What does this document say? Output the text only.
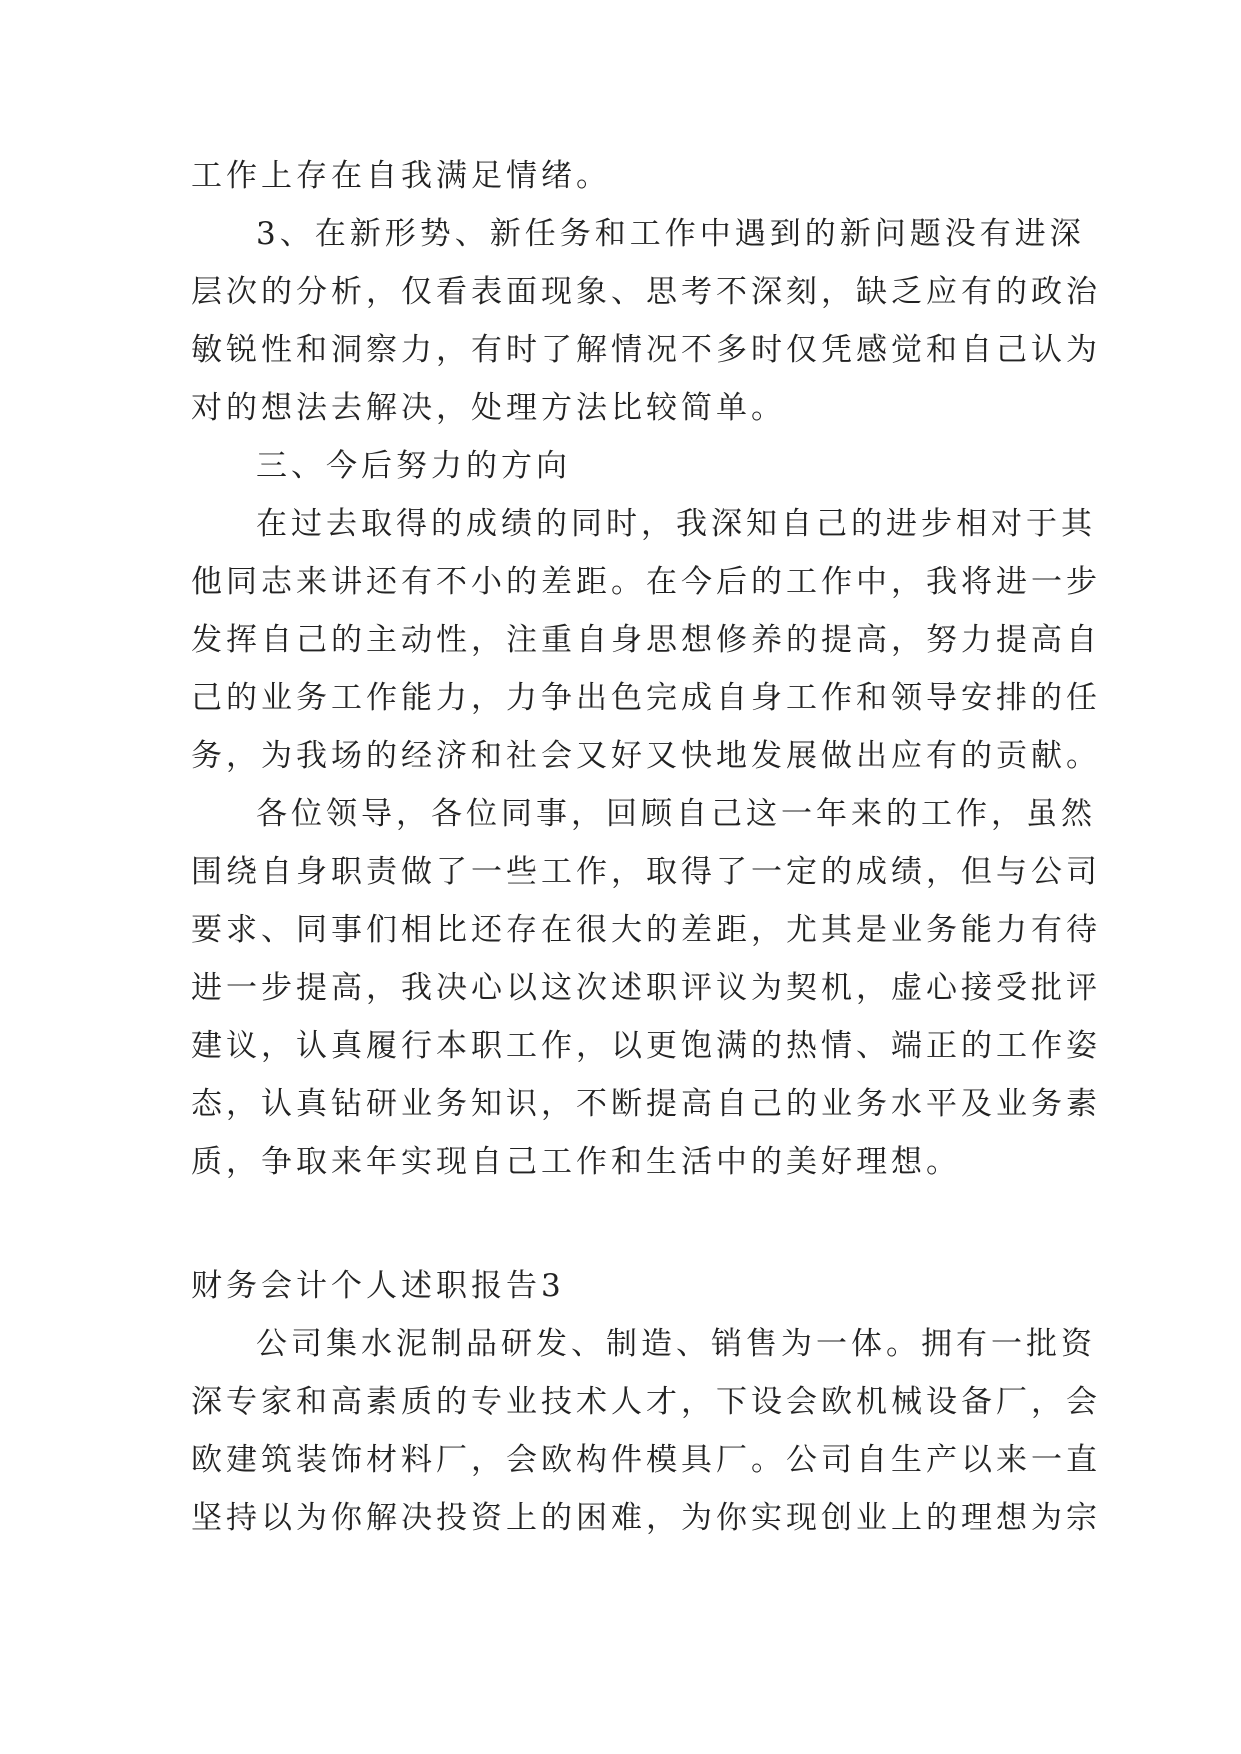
工作上存在自我满足情绪。
3、在新形势、新任务和工作中遇到的新问题没有进深
层次的分析，仅看表面现象、思考不深刻，缺乏应有的政治
敏锐性和洞察力，有时了解情况不多时仅凭感觉和自己认为
对的想法去解决，处理方法比较简单。
三、今后努力的方向
在过去取得的成绩的同时，我深知自己的进步相对于其
他同志来讲还有不小的差距。在今后的工作中，我将进一步
发挥自己的主动性，注重自身思想修养的提高，努力提高自
己的业务工作能力，力争出色完成自身工作和领导安排的任
务，为我场的经济和社会又好又快地发展做出应有的贡献。
各位领导，各位同事，回顾自己这一年来的工作，虽然
围绕自身职责做了一些工作，取得了一定的成绩，但与公司
要求、同事们相比还存在很大的差距，尤其是业务能力有待
进一步提高，我决心以这次述职评议为契机，虚心接受批评
建议，认真履行本职工作，以更饱满的热情、端正的工作姿
态，认真钻研业务知识，不断提高自己的业务水平及业务素
质，争取来年实现自己工作和生活中的美好理想。
财务会计个人述职报告3
公司集水泥制品研发、制造、销售为一体。拥有一批资
深专家和高素质的专业技术人才，下设会欧机械设备厂，会
欧建筑装饰材料厂，会欧构件模具厂。公司自生产以来一直
坚持以为你解决投资上的困难，为你实现创业上的理想为宗
